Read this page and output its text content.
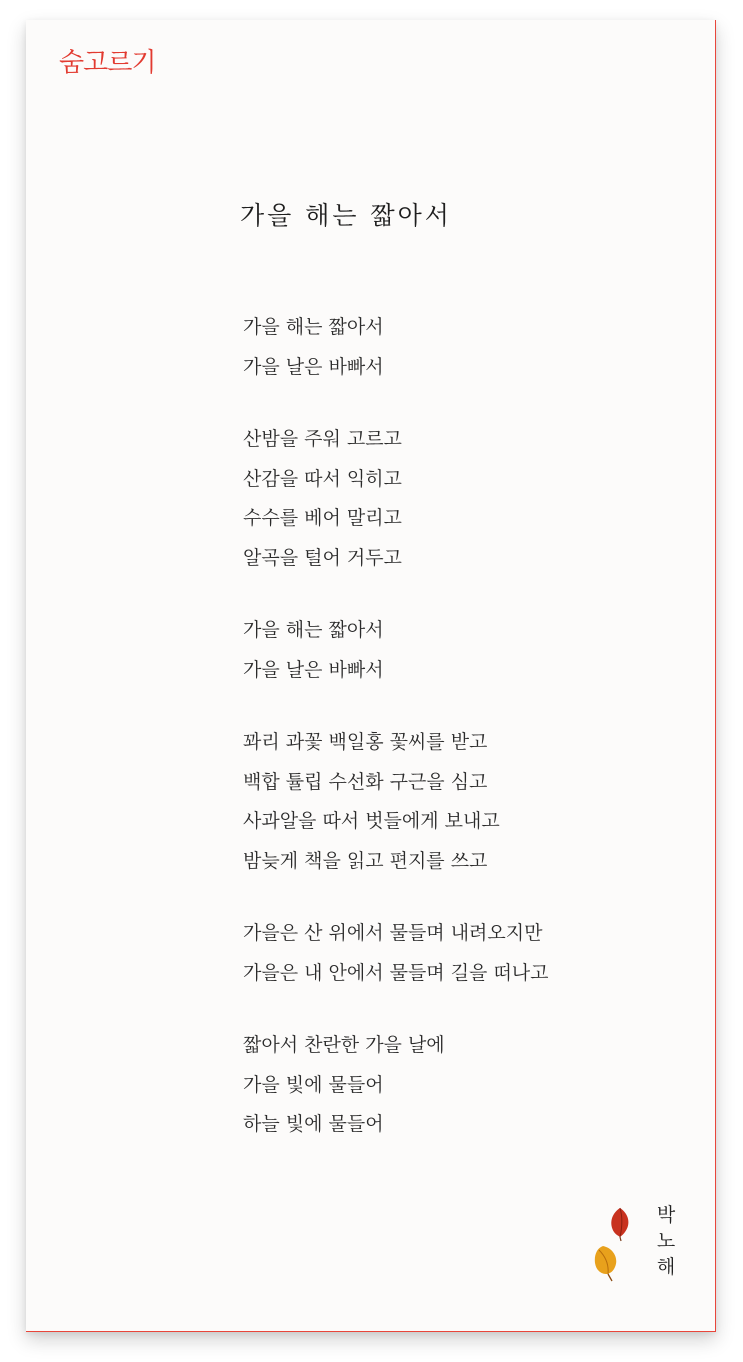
숨고르기
가을 해는 짧아서
가을 해는 짧아서
가을 날은 바빠서
산밤을 주워 고르고
산감을 따서 익히고
수수를 베어 말리고
알곡을 털어 거두고
가을 해는 짧아서
가을 날은 바빠서
꽈리 과꽃 백일홍 꽃씨를 받고
백합 튤립 수선화 구근을 심고
사과알을 따서 벗들에게 보내고
밤늦게 책을 읽고 편지를 쓰고
가을은 산 위에서 물들며 내려오지만
가을은 내 안에서 물들며 길을 떠나고
짧아서 찬란한 가을 날에
가을 빛에 물들어
하늘 빛에 물들어
박
노
해
